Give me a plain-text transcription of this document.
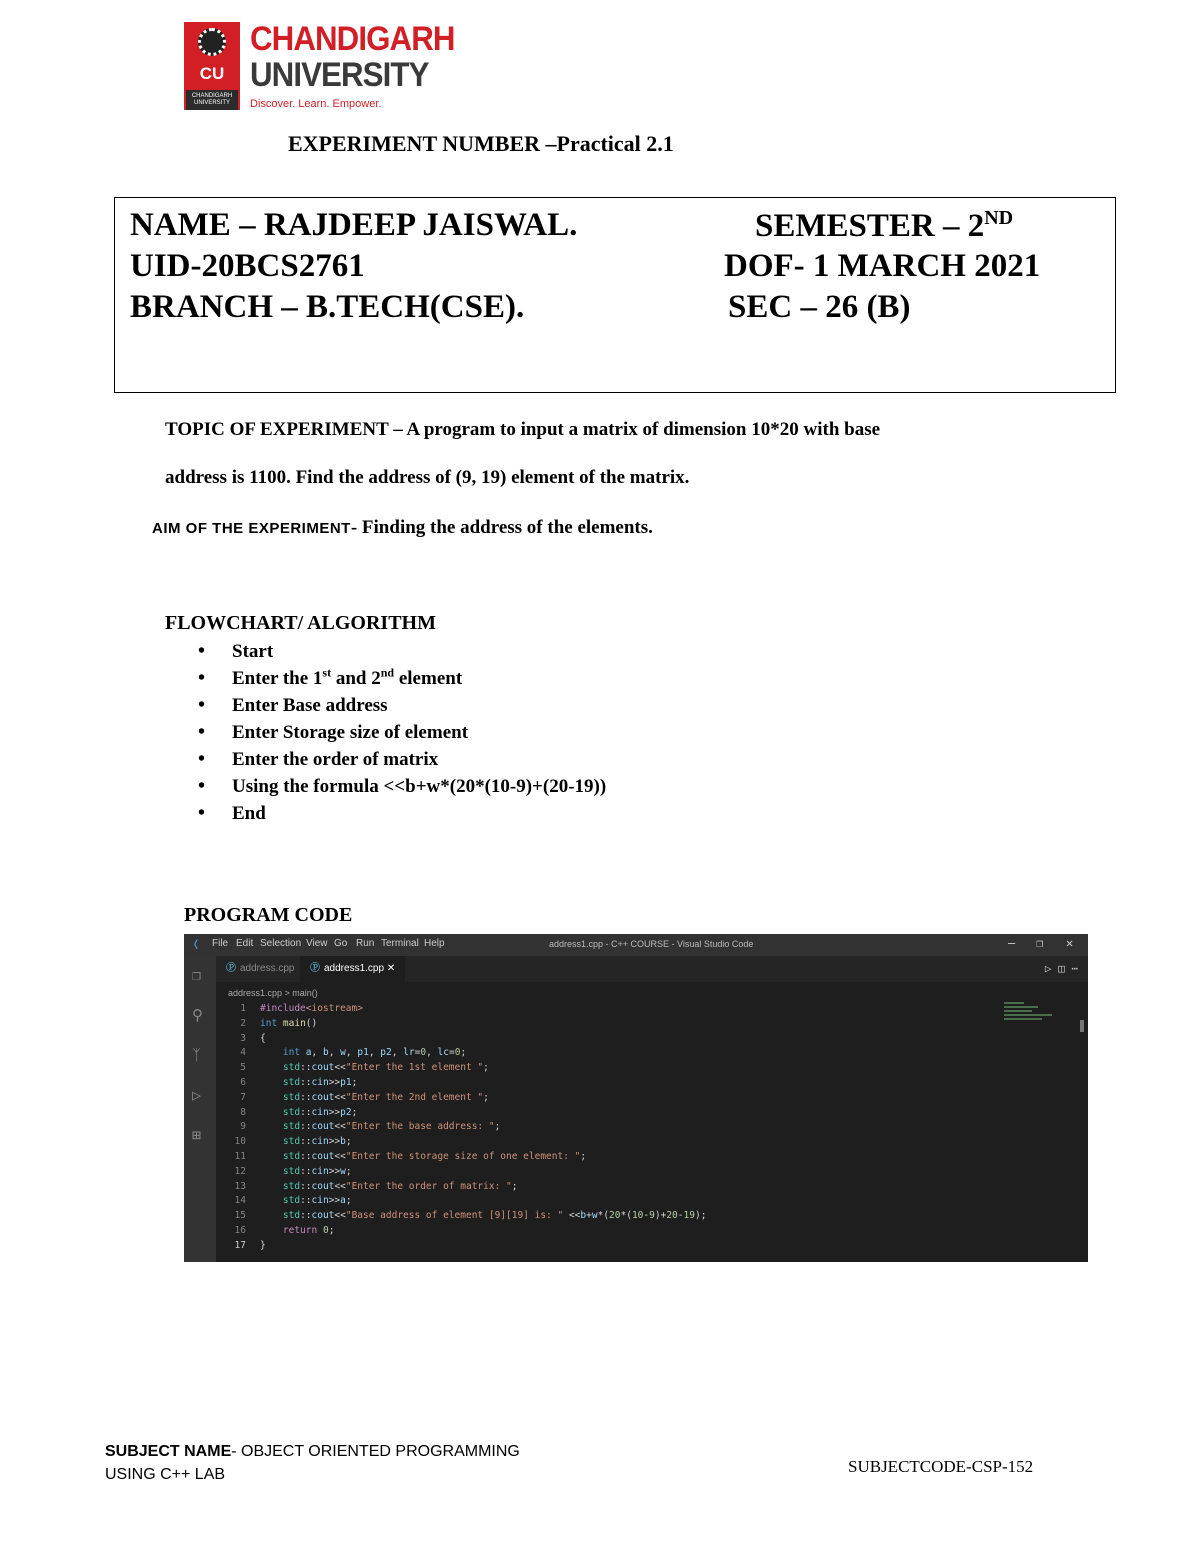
CU
CHANDIGARH UNIVERSITY
CHANDIGARH
UNIVERSITY
Discover. Learn. Empower.
EXPERIMENT NUMBER –Practical 2.1
NAME – RAJDEEP JAISWAL.
UID-20BCS2761
BRANCH – B.TECH(CSE).
SEMESTER – 2ND
DOF- 1 MARCH 2021
SEC – 26 (B)
TOPIC OF EXPERIMENT – A program to input a matrix of dimension 10*20 with base
address is 1100. Find the address of (9, 19) element of the matrix.
AIM OF THE EXPERIMENT- Finding the address of the elements.
FLOWCHART/ ALGORITHM
• Start
• Enter the 1st and 2nd element
• Enter Base address
• Enter Storage size of element
• Enter the order of matrix
• Using the formula <<b+w*(20*(10-9)+(20-19))
• End
PROGRAM CODE
❬ File Edit Selection View Go Run Terminal Help	address1.cpp - C++ COURSE - Visual Studio Code	– ❐ ✕
❐
⚲
ᛉ
▷
⊞
Ⓟ address.cpp	Ⓟ address1.cpp ✕	▷ ◫ ⋯
address1.cpp > main()
1 #include<iostream>
2 int main()
3 {
4	int a, b, w, p1, p2, lr=0, lc=0;
5	std::cout<<"Enter the 1st element ";
6	std::cin>>p1;
7	std::cout<<"Enter the 2nd element ";
8	std::cin>>p2;
9	std::cout<<"Enter the base address: ";
10	std::cin>>b;
11	std::cout<<"Enter the storage size of one element: ";
12	std::cin>>w;
13	std::cout<<"Enter the order of matrix: ";
14	std::cin>>a;
15	std::cout<<"Base address of element [9][19] is: " <<b+w*(20*(10-9)+20-19);
16	return 0;
17 }
SUBJECT NAME- OBJECT ORIENTED PROGRAMMING
USING C++ LAB	SUBJECTCODE-CSP-152
